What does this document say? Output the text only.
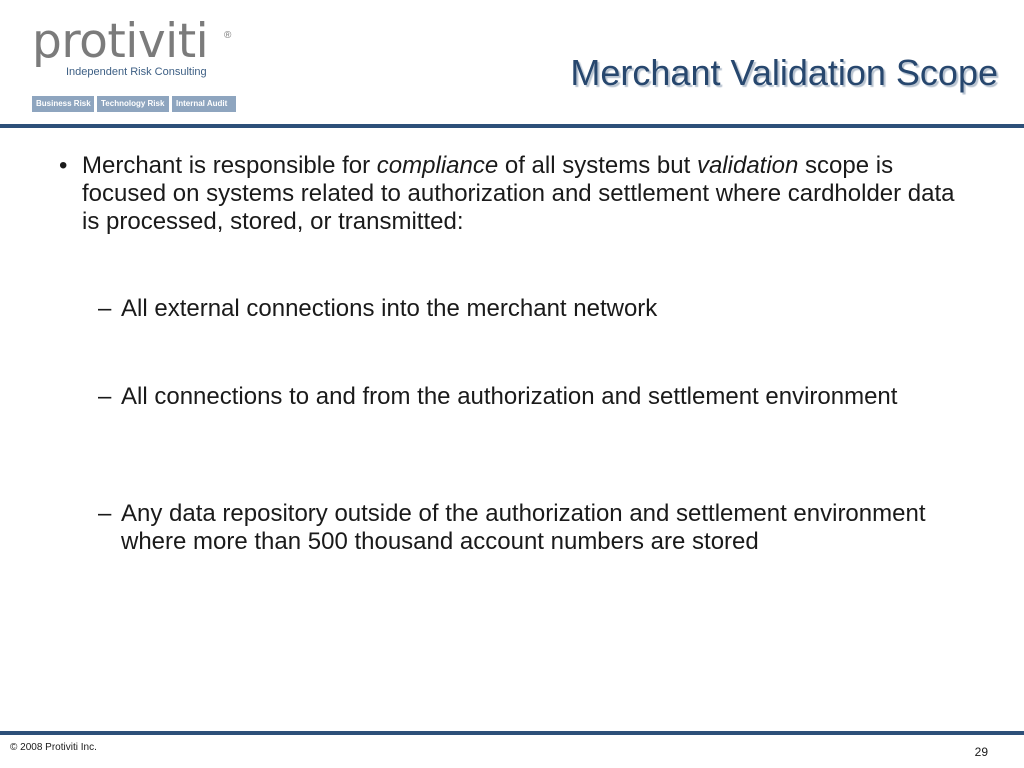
protiviti ®
Independent Risk Consulting
Business Risk	Technology Risk	Internal Audit
Merchant Validation Scope
• Merchant is responsible for compliance of all systems but validation scope is focused on systems related to authorization and settlement where cardholder data is processed, stored, or transmitted:
– All external connections into the merchant network
– All connections to and from the authorization and settlement environment
– Any data repository outside of the authorization and settlement environment where more than 500 thousand account numbers are stored
© 2008 Protiviti Inc.	29
